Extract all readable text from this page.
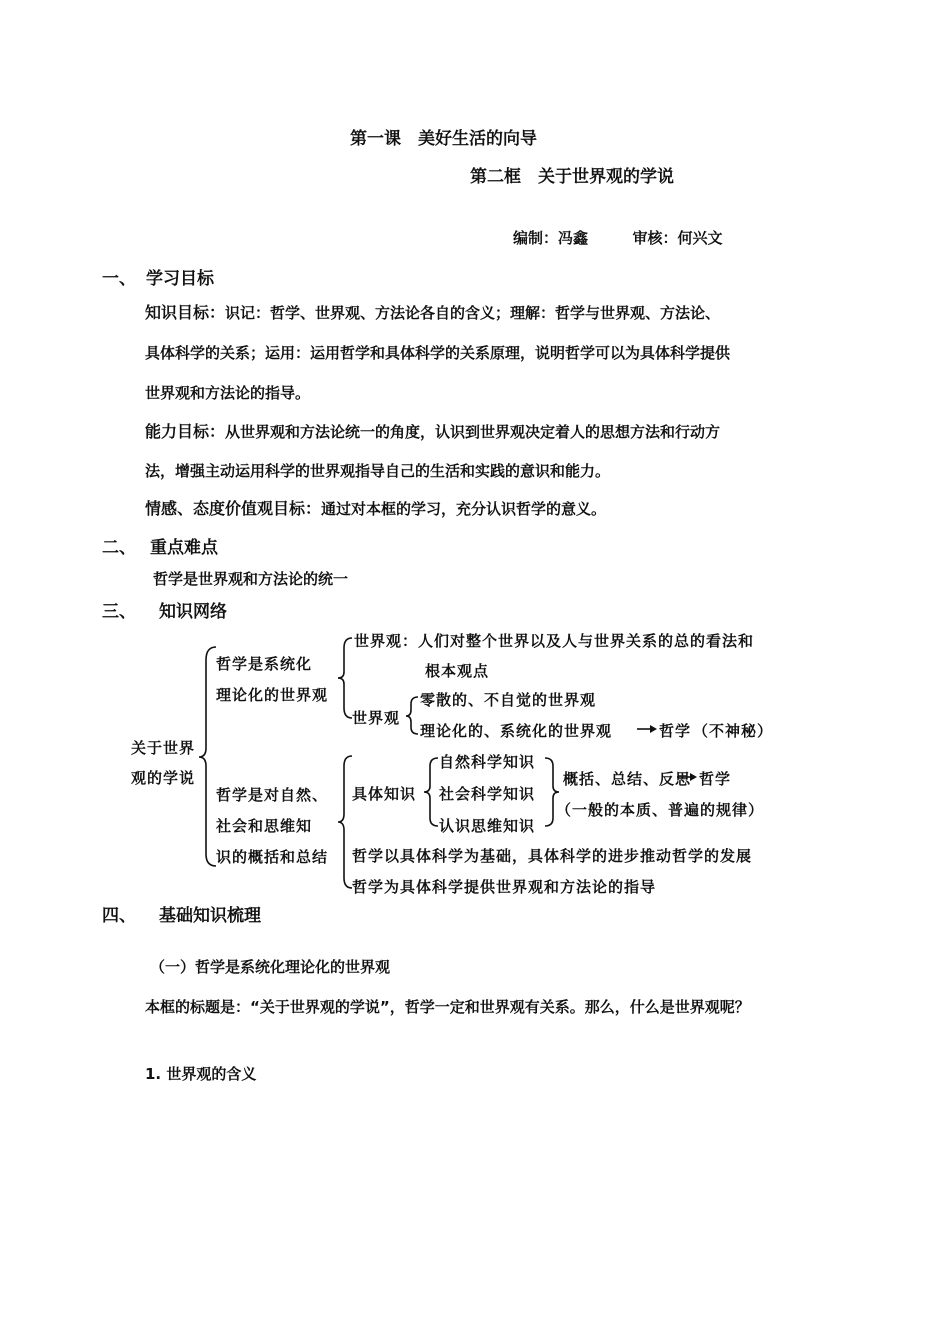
第一课　美好生活的向导
第二框　关于世界观的学说
编制：冯鑫	审核：何兴文
一、 学习目标
知识目标：识记：哲学、世界观、方法论各自的含义；理解：哲学与世界观、方法论、
具体科学的关系；运用：运用哲学和具体科学的关系原理，说明哲学可以为具体科学提供
世界观和方法论的指导。
能力目标：从世界观和方法论统一的角度，认识到世界观决定着人的思想方法和行动方
法，增强主动运用科学的世界观指导自己的生活和实践的意识和能力。
情感、态度价值观目标：通过对本框的学习，充分认识哲学的意义。
二、 重点难点
哲学是世界观和方法论的统一
三、 知识网络
关于世界
观的学说
哲学是系统化
理论化的世界观
世界观：人们对整个世界以及人与世界关系的总的看法和
根本观点
世界观
零散的、不自觉的世界观
理论化的、系统化的世界观	哲学 （不神秘）
哲学是对自然、
社会和思维知
识的概括和总结
具体知识
自然科学知识
社会科学知识
认识思维知识
概括、总结、反思 哲学
（一般的本质、普遍的规律）
哲学以具体科学为基础，具体科学的进步推动哲学的发展
哲学为具体科学提供世界观和方法论的指导
四、 基础知识梳理
（一）哲学是系统化理论化的世界观
本框的标题是：“关于世界观的学说”，哲学一定和世界观有关系。那么，什么是世界观呢？
1. 世界观的含义
